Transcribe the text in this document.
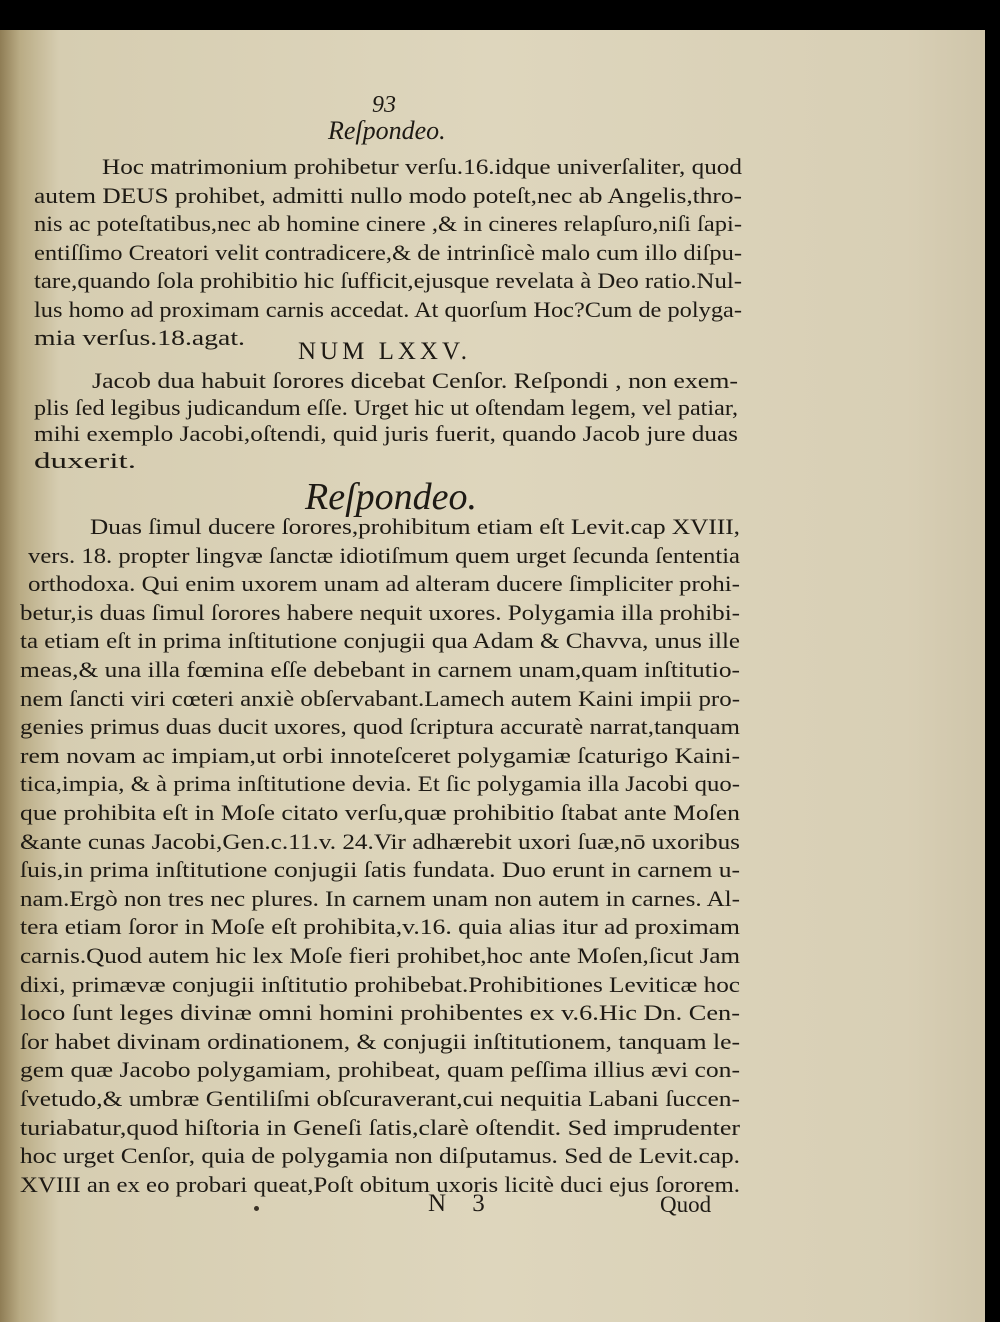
93
Reſpondeo.
Hoc matrimonium prohibetur verſu.16.idque univerſaliter, quod
autem DEUS prohibet, admitti nullo modo poteſt,nec ab Angelis,thro-
nis ac poteſtatibus,nec ab homine cinere ,& in cineres relapſuro,niſi ſapi-
entiſſimo Creatori velit contradicere,& de intrinſicè malo cum illo diſpu-
tare,quando ſola prohibitio hic ſufficit,ejusque revelata à Deo ratio.Nul-
lus homo ad proximam carnis accedat. At quorſum Hoc?Cum de polyga-
mia verſus.18.agat.
NUM LXXV.
Jacob dua habuit ſorores dicebat Cenſor. Reſpondi , non exem-
plis ſed legibus judicandum eſſe. Urget hic ut oſtendam legem, vel patiar,
mihi exemplo Jacobi,oſtendi, quid juris fuerit, quando Jacob jure duas
duxerit.
Reſpondeo.
Duas ſimul ducere ſorores,prohibitum etiam eſt Levit.cap XVIII,
vers. 18. propter lingvæ ſanctæ idiotiſmum quem urget ſecunda ſententia
orthodoxa. Qui enim uxorem unam ad alteram ducere ſimpliciter prohi-
betur,is duas ſimul ſorores habere nequit uxores. Polygamia illa prohibi-
ta etiam eſt in prima inſtitutione conjugii qua Adam & Chavva, unus ille
meas,& una illa fœmina eſſe debebant in carnem unam,quam inſtitutio-
nem ſancti viri cœteri anxiè obſervabant.Lamech autem Kaini impii pro-
genies primus duas ducit uxores, quod ſcriptura accuratè narrat,tanquam
rem novam ac impiam,ut orbi innoteſceret polygamiæ ſcaturigo Kaini-
tica,impia, & à prima inſtitutione devia. Et ſic polygamia illa Jacobi quo-
que prohibita eſt in Moſe citato verſu,quæ prohibitio ſtabat ante Moſen
&ante cunas Jacobi,Gen.c.11.v. 24.Vir adhærebit uxori ſuæ,nō uxoribus
ſuis,in prima inſtitutione conjugii ſatis fundata. Duo erunt in carnem u-
nam.Ergò non tres nec plures. In carnem unam non autem in carnes. Al-
tera etiam ſoror in Moſe eſt prohibita,v.16. quia alias itur ad proximam
carnis.Quod autem hic lex Moſe fieri prohibet,hoc ante Moſen,ſicut Jam
dixi, primævæ conjugii inſtitutio prohibebat.Prohibitiones Leviticæ hoc
loco ſunt leges divinæ omni homini prohibentes ex v.6.Hic Dn. Cen-
ſor habet divinam ordinationem, & conjugii inſtitutionem, tanquam le-
gem quæ Jacobo polygamiam, prohibeat, quam peſſima illius ævi con-
ſvetudo,& umbræ Gentiliſmi obſcuraverant,cui nequitia Labani ſuccen-
turiabatur,quod hiſtoria in Geneſi ſatis,clarè oſtendit. Sed imprudenter
hoc urget Cenſor, quia de polygamia non diſputamus. Sed de Levit.cap.
XVIII an ex eo probari queat,Poſt obitum uxoris licitè duci ejus ſororem.
N 3	Quod
